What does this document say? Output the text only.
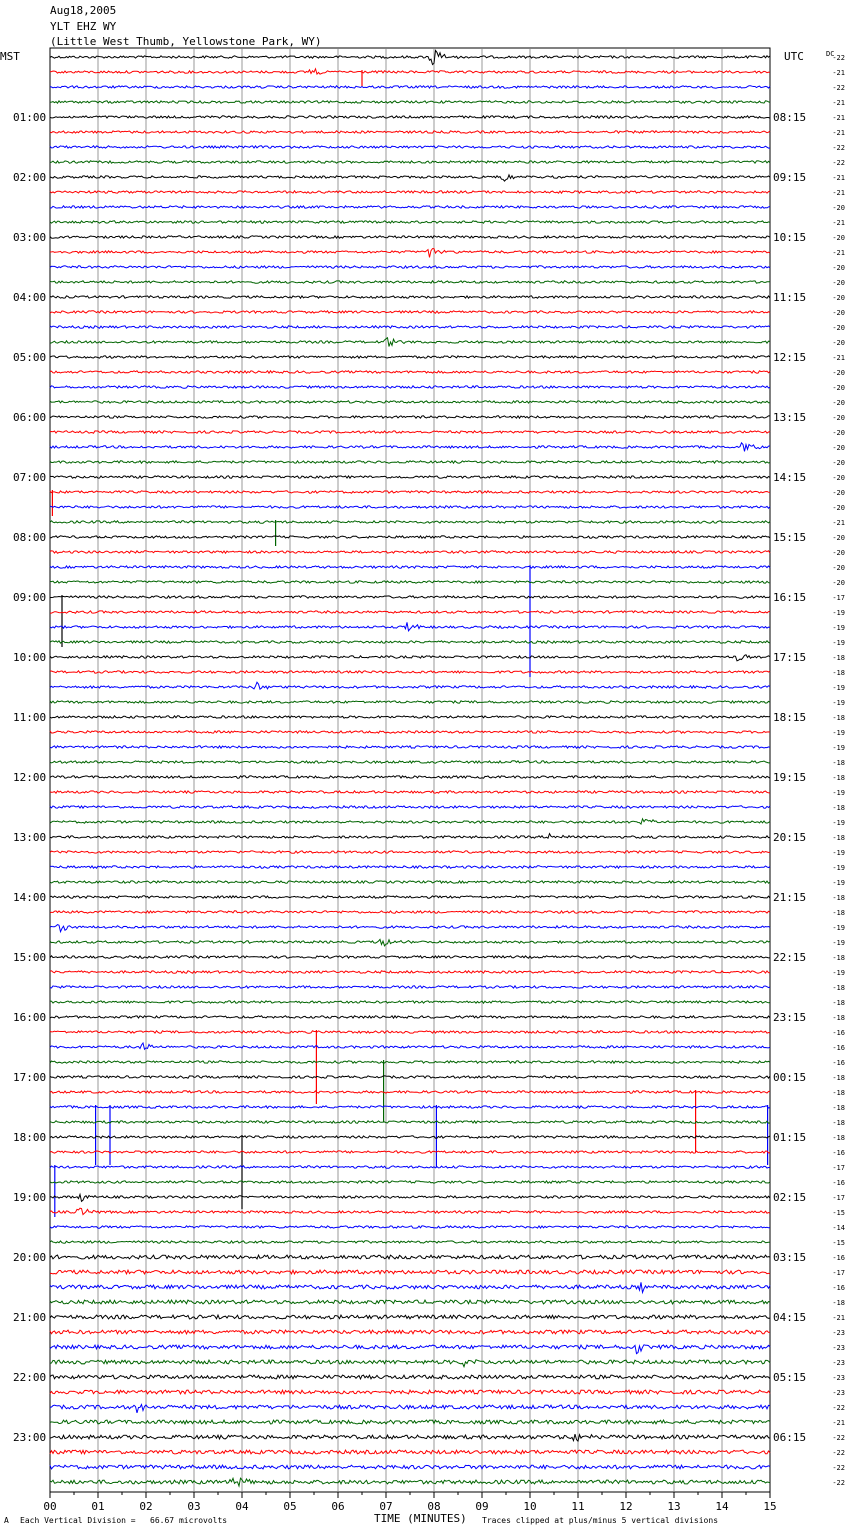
Aug18,2005
YLT EHZ WY
(Little West Thumb, Yellowstone Park, WY)
MST	UTC	DC
00	01	02	03	04	05	06	07	08	09	10	11	12	13	14	15
-22
-21
-22
-21
-21
-21
-22
-22
-21
-21
-20
-21
-20
-21
-20
-20
-20
-20
-20
-20
-21
-20
-20
-20
-20
-20
-20
-20
-20
-20
-20
-21
-20
-20
-20
-20
-17
-19
-19
-19
-18
-18
-19
-19
-18
-19
-19
-18
-18
-19
-18
-19
-18
-19
-19
-19
-18
-18
-19
-19
-18
-19
-18
-18
-18
-16
-16
-16
-18
-18
-18
-18
-18
-16
-17
-16
-17
-15
-14
-15
-16
-17
-16
-18
-21
-23
-23
-23
-23
-23
-22
-21
-22
-22
-22
-22
01:00	08:15
02:00	09:15
03:00	10:15
04:00	11:15
05:00	12:15
06:00	13:15
07:00	14:15
08:00	15:15
09:00	16:15
10:00	17:15
11:00	18:15
12:00	19:15
13:00	20:15
14:00	21:15
15:00	22:15
16:00	23:15
17:00	00:15
18:00	01:15
19:00	02:15
20:00	03:15
21:00	04:15
22:00	05:15
23:00	06:15
A Each Vertical Division =   66.67 microvolts	TIME (MINUTES) Traces clipped at plus/minus 5 vertical divisions
